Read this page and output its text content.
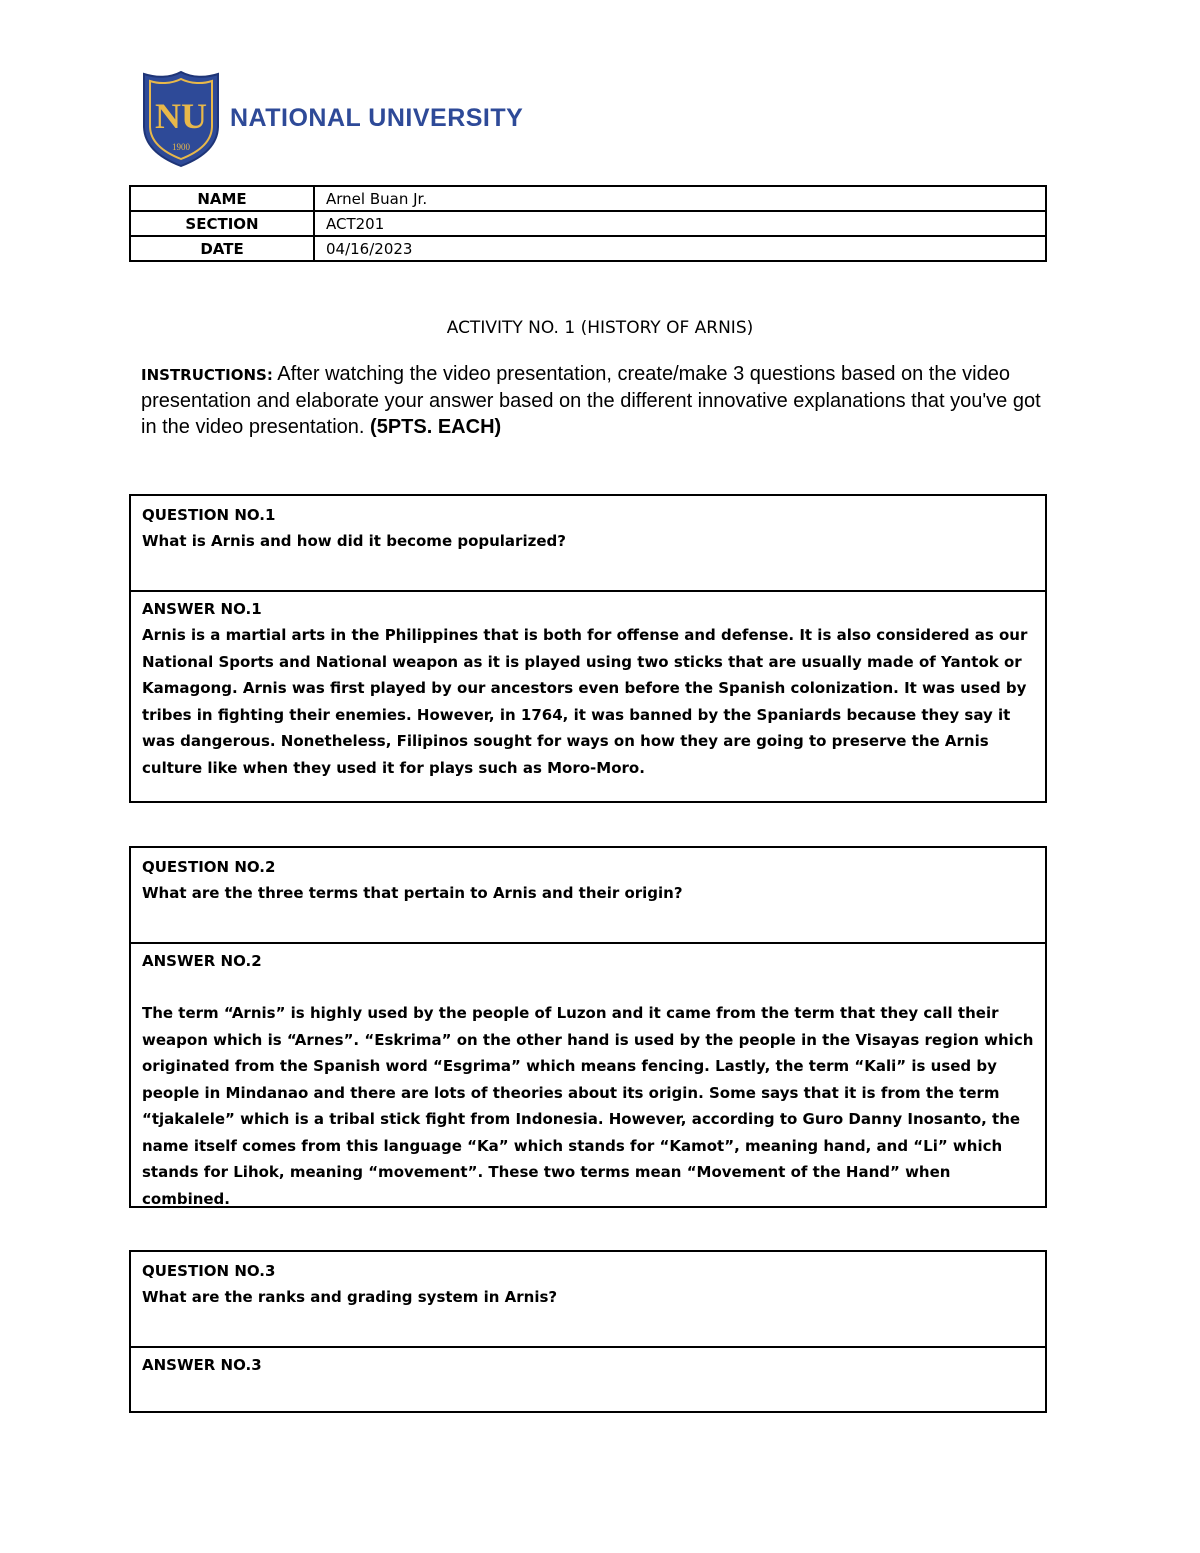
NU
1900
NATIONAL UNIVERSITY
NAME	Arnel Buan Jr.
SECTION	ACT201
DATE	04/16/2023
ACTIVITY NO. 1 (HISTORY OF ARNIS)
INSTRUCTIONS: After watching the video presentation, create/make 3 questions based on the video presentation and elaborate your answer based on the different innovative explanations that you've got in the video presentation. (5PTS. EACH)
QUESTION NO.1
What is Arnis and how did it become popularized?
ANSWER NO.1
Arnis is a martial arts in the Philippines that is both for offense and defense. It is also considered as our National Sports and National weapon as it is played using two sticks that are usually made of Yantok or Kamagong. Arnis was first played by our ancestors even before the Spanish colonization. It was used by tribes in fighting their enemies. However, in 1764, it was banned by the Spaniards because they say it was dangerous. Nonetheless, Filipinos sought for ways on how they are going to preserve the Arnis culture like when they used it for plays such as Moro-Moro.
QUESTION NO.2
What are the three terms that pertain to Arnis and their origin?
ANSWER NO.2
The term “Arnis” is highly used by the people of Luzon and it came from the term that they call their weapon which is “Arnes”. “Eskrima” on the other hand is used by the people in the Visayas region which originated from the Spanish word “Esgrima” which means fencing. Lastly, the term “Kali” is used by people in Mindanao and there are lots of theories about its origin. Some says that it is from the term “tjakalele” which is a tribal stick fight from Indonesia. However, according to Guro Danny Inosanto, the name itself comes from this language “Ka” which stands for “Kamot”, meaning hand, and “Li” which stands for Lihok, meaning “movement”. These two terms mean “Movement of the Hand” when combined.
QUESTION NO.3
What are the ranks and grading system in Arnis?
ANSWER NO.3
